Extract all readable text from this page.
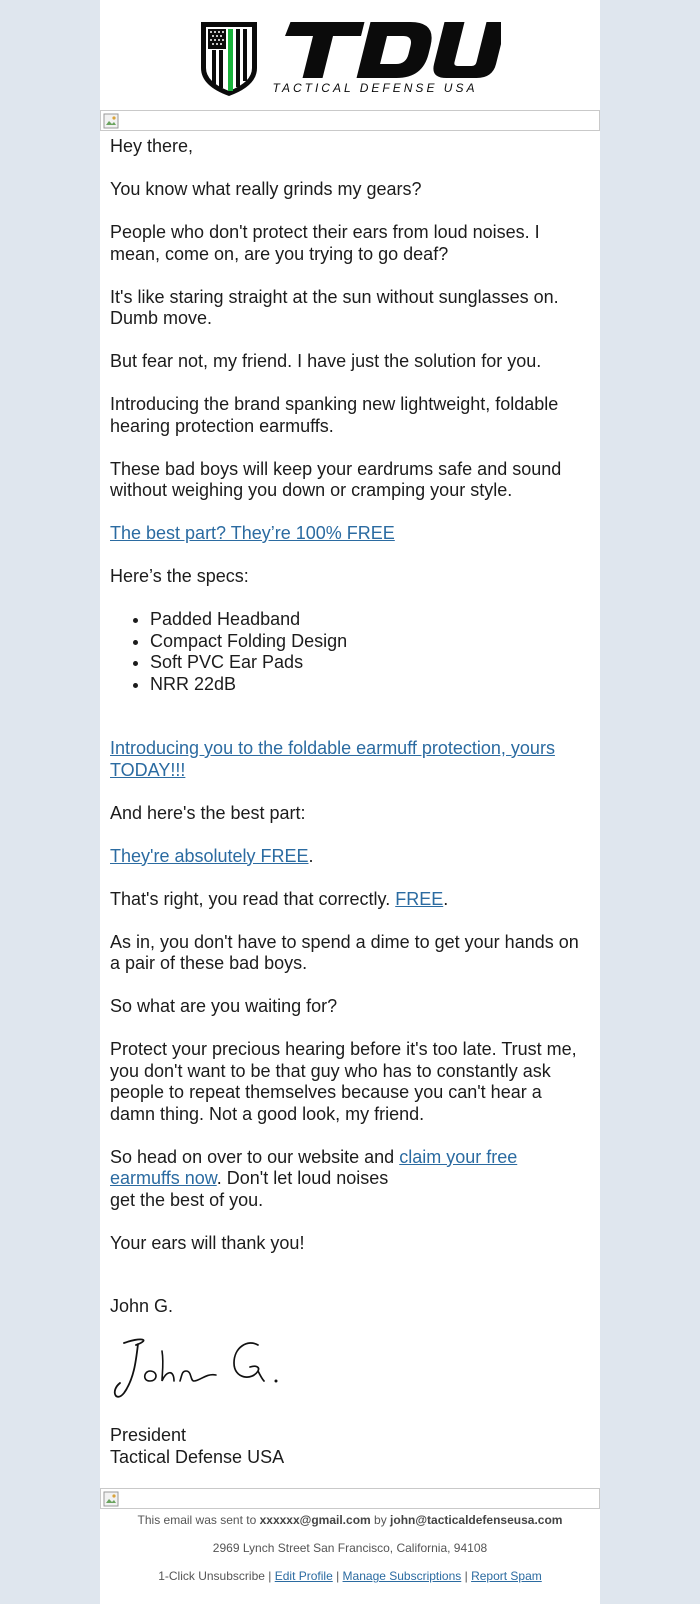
TACTICAL DEFENSE USA

Hey there,

You know what really grinds my gears?

People who don't protect their ears from loud noises. I mean, come on, are you trying to go deaf?

It's like staring straight at the sun without sunglasses on. Dumb move.

But fear not, my friend. I have just the solution for you.

Introducing the brand spanking new lightweight, foldable hearing protection earmuffs.

These bad boys will keep your eardrums safe and sound without weighing you down or cramping your style.

The best part? They’re 100% FREE

Here’s the specs:

• Padded Headband
• Compact Folding Design
• Soft PVC Ear Pads
• NRR 22dB

Introducing you to the foldable earmuff protection, yours TODAY!!!

And here's the best part:

They're absolutely FREE.

That's right, you read that correctly. FREE.

As in, you don't have to spend a dime to get your hands on a pair of these bad boys.

So what are you waiting for?

Protect your precious hearing before it's too late. Trust me, you don't want to be that guy who has to constantly ask people to repeat themselves because you can't hear a damn thing. Not a good look, my friend.

So head on over to our website and claim your free earmuffs now. Don't let loud noises
get the best of you.

Your ears will thank you!

John G.

President

Tactical Defense USA

This email was sent to xxxxxx@gmail.com by john@tacticaldefenseusa.com

2969 Lynch Street San Francisco, California, 94108

1-Click Unsubscribe | Edit Profile | Manage Subscriptions | Report Spam
